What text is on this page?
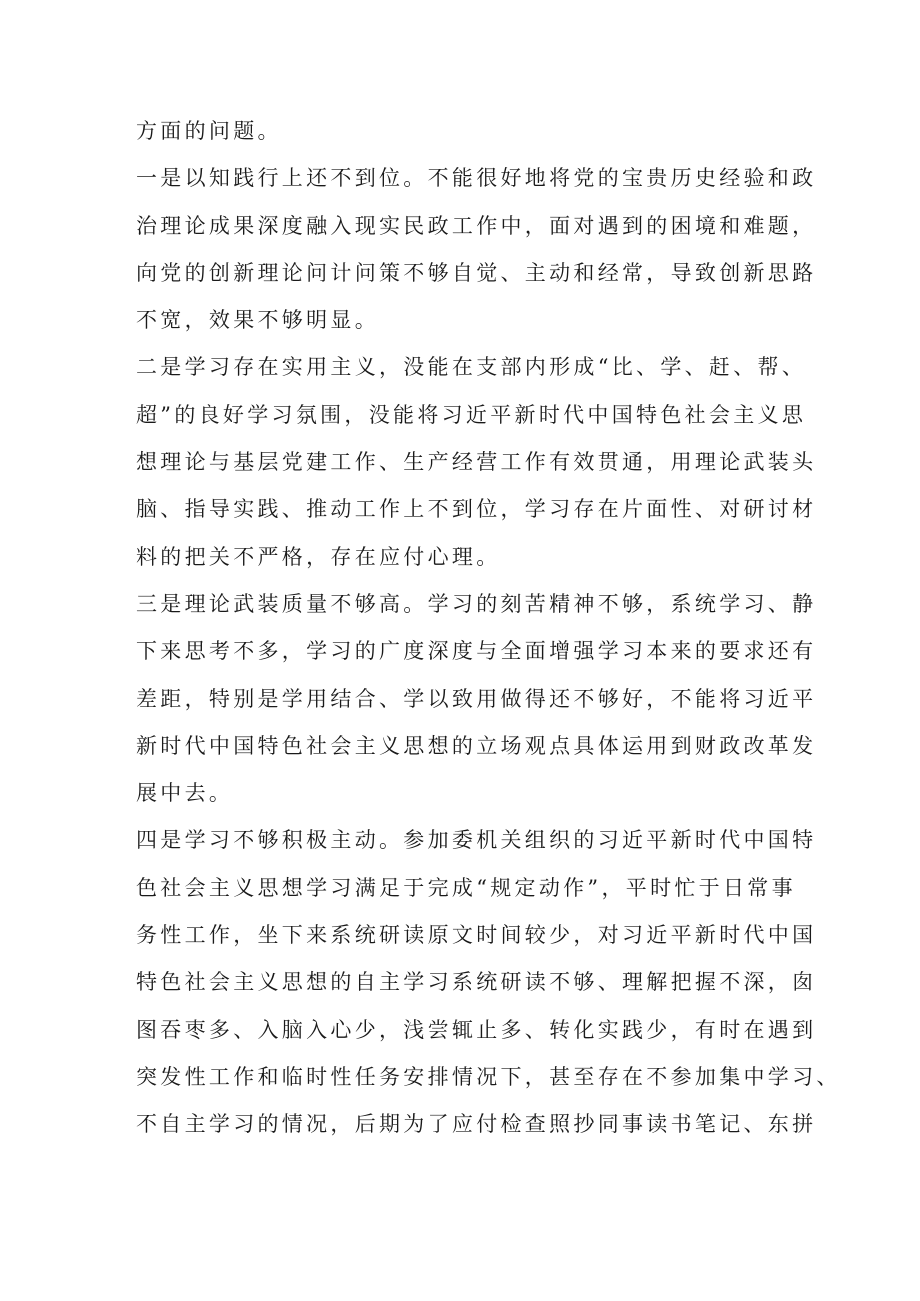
方面的问题。
一是以知践行上还不到位。不能很好地将党的宝贵历史经验和政
治理论成果深度融入现实民政工作中，面对遇到的困境和难题，
向党的创新理论问计问策不够自觉、主动和经常，导致创新思路
不宽，效果不够明显。
二是学习存在实用主义，没能在支部内形成“比、学、赶、帮、
超”的良好学习氛围，没能将习近平新时代中国特色社会主义思
想理论与基层党建工作、生产经营工作有效贯通，用理论武装头
脑、指导实践、推动工作上不到位，学习存在片面性、对研讨材
料的把关不严格，存在应付心理。
三是理论武装质量不够高。学习的刻苦精神不够，系统学习、静
下来思考不多，学习的广度深度与全面增强学习本来的要求还有
差距，特别是学用结合、学以致用做得还不够好，不能将习近平
新时代中国特色社会主义思想的立场观点具体运用到财政改革发
展中去。
四是学习不够积极主动。参加委机关组织的习近平新时代中国特
色社会主义思想学习满足于完成“规定动作”，平时忙于日常事
务性工作，坐下来系统研读原文时间较少，对习近平新时代中国
特色社会主义思想的自主学习系统研读不够、理解把握不深，囱
图吞枣多、入脑入心少，浅尝辄止多、转化实践少，有时在遇到
突发性工作和临时性任务安排情况下，甚至存在不参加集中学习、
不自主学习的情况，后期为了应付检查照抄同事读书笔记、东拼
